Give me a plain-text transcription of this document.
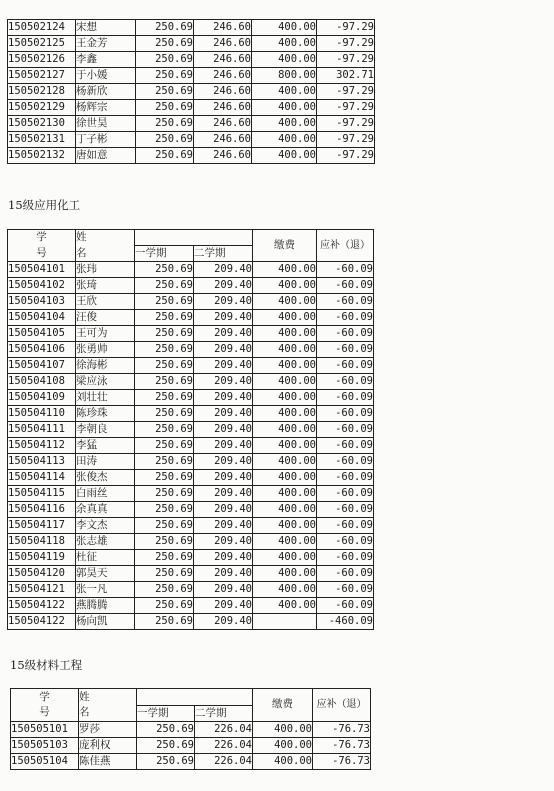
150502124	宋想	250.69	246.60	400.00	-97.29
150502125	王金芳	250.69	246.60	400.00	-97.29
150502126	李鑫	250.69	246.60	400.00	-97.29
150502127	于小媛	250.69	246.60	800.00	302.71
150502128	杨新欣	250.69	246.60	400.00	-97.29
150502129	杨辉宗	250.69	246.60	400.00	-97.29
150502130	徐世昊	250.69	246.60	400.00	-97.29
150502131	丁子彬	250.69	246.60	400.00	-97.29
150502132	唐如意	250.69	246.60	400.00	-97.29
15级应用化工
学	姓			缴费	应补（退）
号	名	一学期	二学期		
150504101	张玮	250.69	209.40	400.00	-60.09
150504102	张琦	250.69	209.40	400.00	-60.09
150504103	王欣	250.69	209.40	400.00	-60.09
150504104	汪俊	250.69	209.40	400.00	-60.09
150504105	王可为	250.69	209.40	400.00	-60.09
150504106	张勇帅	250.69	209.40	400.00	-60.09
150504107	徐海彬	250.69	209.40	400.00	-60.09
150504108	梁应泳	250.69	209.40	400.00	-60.09
150504109	刘壮壮	250.69	209.40	400.00	-60.09
150504110	陈珍珠	250.69	209.40	400.00	-60.09
150504111	李朝良	250.69	209.40	400.00	-60.09
150504112	李猛	250.69	209.40	400.00	-60.09
150504113	田涛	250.69	209.40	400.00	-60.09
150504114	张俊杰	250.69	209.40	400.00	-60.09
150504115	白雨丝	250.69	209.40	400.00	-60.09
150504116	余真真	250.69	209.40	400.00	-60.09
150504117	李文杰	250.69	209.40	400.00	-60.09
150504118	张志雄	250.69	209.40	400.00	-60.09
150504119	杜征	250.69	209.40	400.00	-60.09
150504120	郭昊天	250.69	209.40	400.00	-60.09
150504121	张一凡	250.69	209.40	400.00	-60.09
150504122	燕腾腾	250.69	209.40	400.00	-60.09
150504122	杨向凯	250.69	209.40		-460.09
15级材料工程
学	姓			缴费	应补（退）
号	名	一学期	二学期		
150505101	罗莎	250.69	226.04	400.00	-76.73
150505103	庞利权	250.69	226.04	400.00	-76.73
150505104	陈佳燕	250.69	226.04	400.00	-76.73
